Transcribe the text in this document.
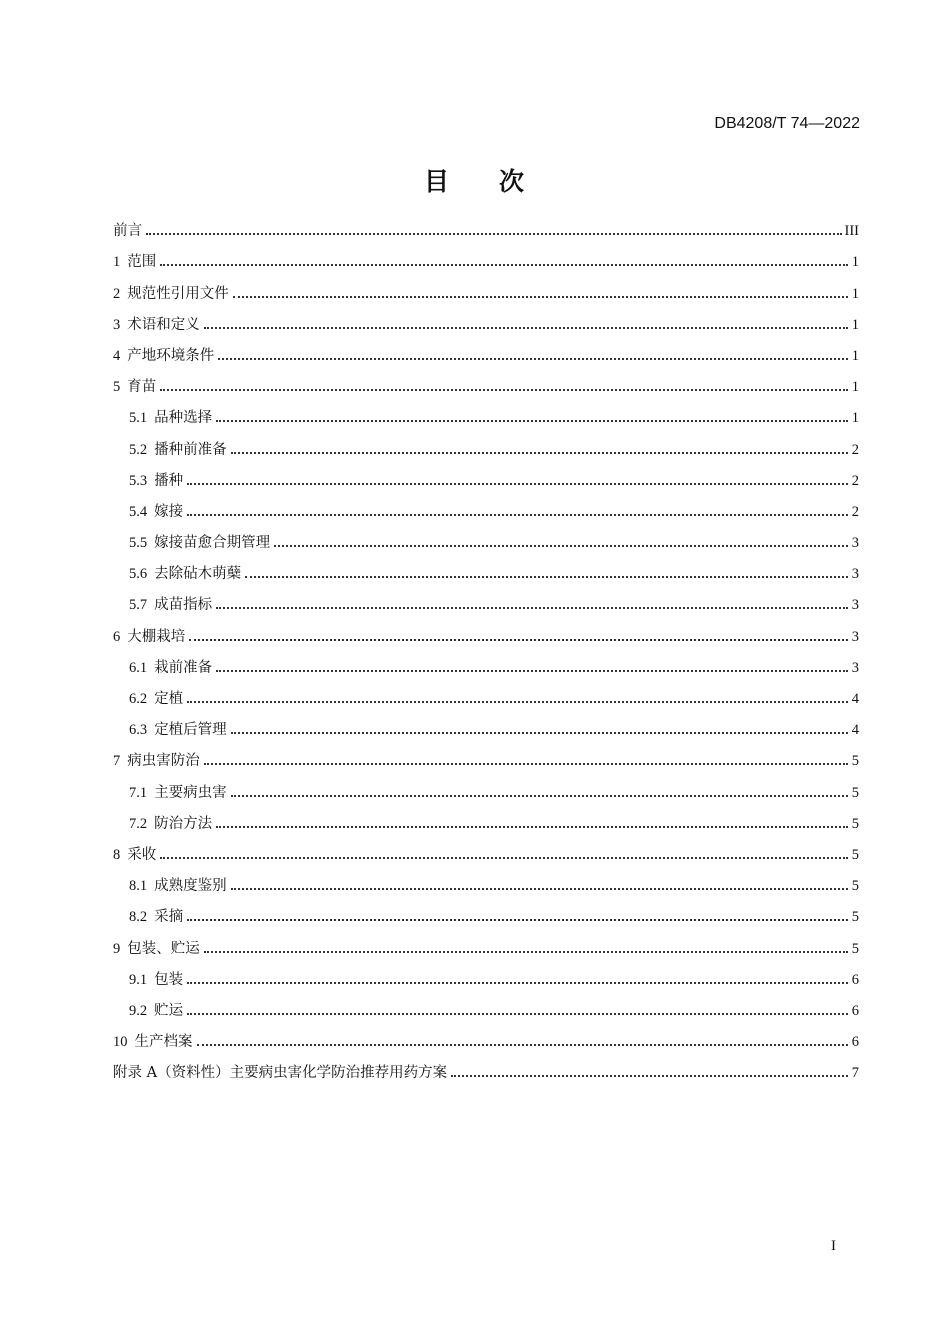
DB4208/T 74—2022
目 次
前言	III
1 范围	1
2 规范性引用文件	1
3 术语和定义	1
4 产地环境条件	1
5 育苗	1
5.1 品种选择	1
5.2 播种前准备	2
5.3 播种	2
5.4 嫁接	2
5.5 嫁接苗愈合期管理	3
5.6 去除砧木萌蘖	3
5.7 成苗指标	3
6 大棚栽培	3
6.1 栽前准备	3
6.2 定植	4
6.3 定植后管理	4
7 病虫害防治	5
7.1 主要病虫害	5
7.2 防治方法	5
8 采收	5
8.1 成熟度鉴别	5
8.2 采摘	5
9 包装、贮运	5
9.1 包装	6
9.2 贮运	6
10 生产档案	6
附录 A（资料性）主要病虫害化学防治推荐用药方案	7
I
